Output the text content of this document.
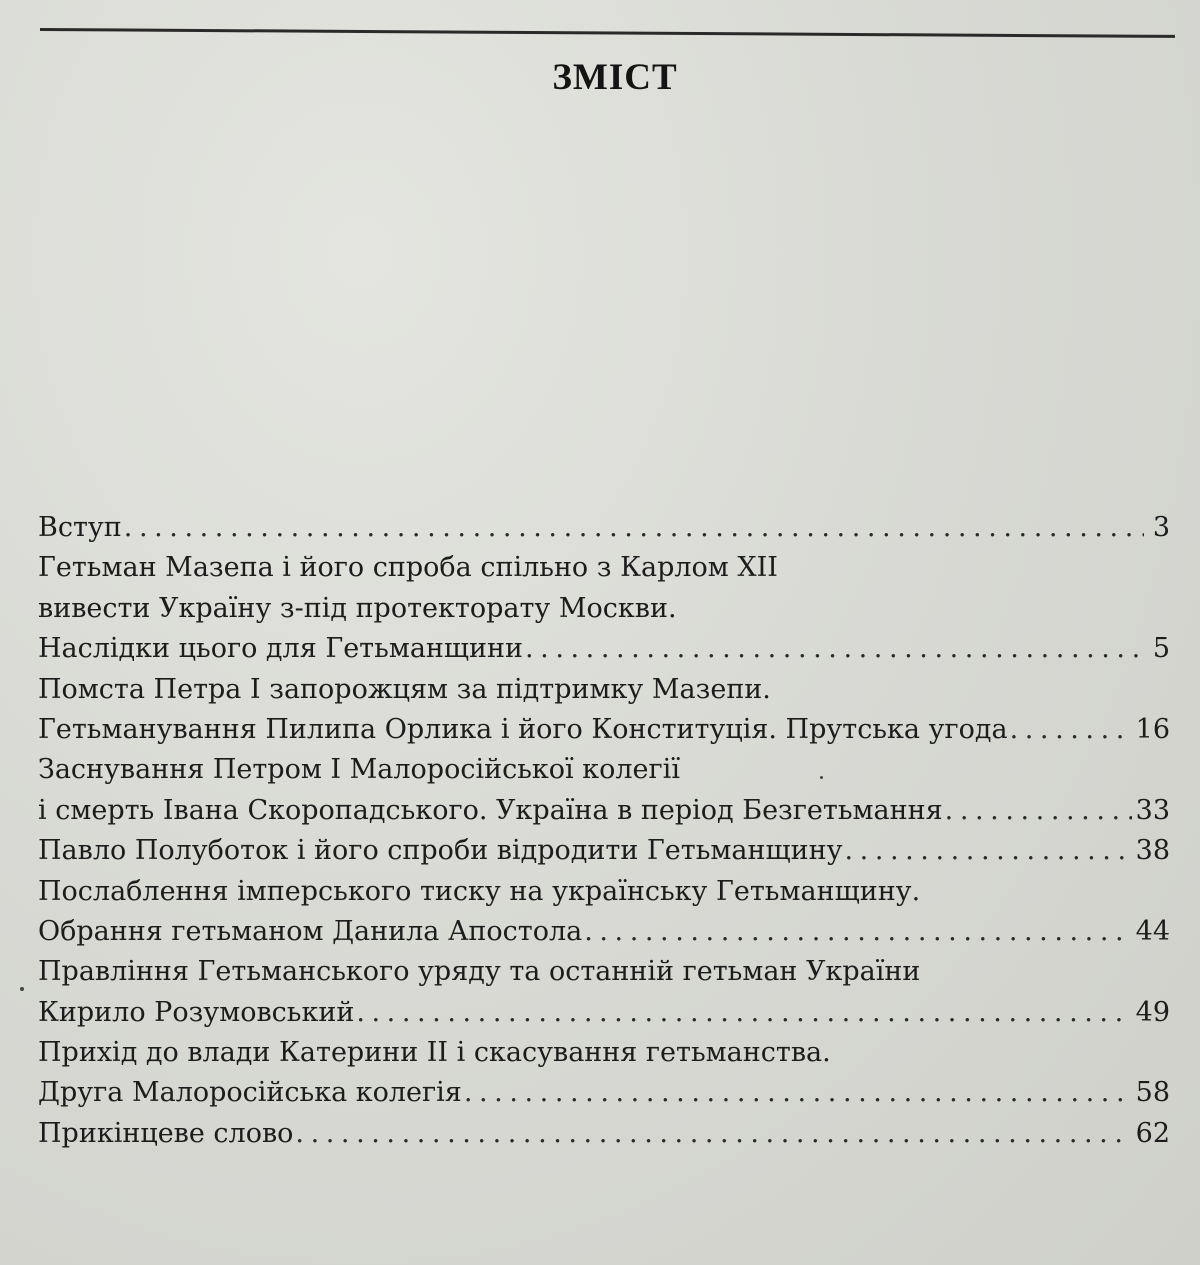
ЗМІСТ
Вступ . . .	3
Гетьман Мазепа і його спроба спільно з Карлом XII
вивести Україну з-під протекторату Москви.
Наслідки цього для Гетьманщини . . .	5
Помста Петра I запорожцям за підтримку Мазепи.
Гетьманування Пилипа Орлика і його Конституція. Прутська угода . . .	16
Заснування Петром I Малоросійської колегії
і смерть Івана Скоропадського. Україна в період Безгетьмання . . .	33
Павло Полуботок і його спроби відродити Гетьманщину . . .	38
Послаблення імперського тиску на українську Гетьманщину.
Обрання гетьманом Данила Апостола . . .	44
Правління Гетьманського уряду та останній гетьман України
Кирило Розумовський . . .	49
Прихід до влади Катерини II і скасування гетьманства.
Друга Малоросійська колегія . . .	58
Прикінцеве слово . . .	62
